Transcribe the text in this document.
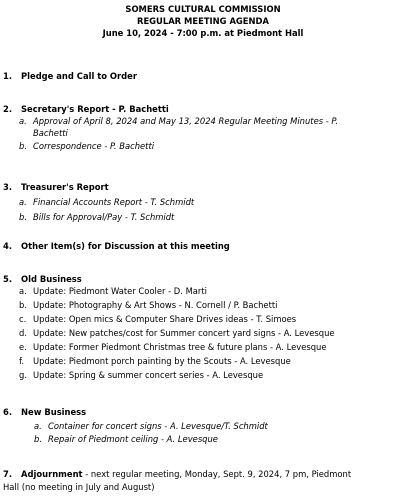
SOMERS CULTURAL COMMISSION
REGULAR MEETING AGENDA
June 10, 2024 - 7:00 p.m. at Piedmont Hall
1. Pledge and Call to Order
2. Secretary's Report - P. Bachetti
a. Approval of April 8, 2024 and May 13, 2024 Regular Meeting Minutes - P.
Bachetti
b. Correspondence - P. Bachetti
3. Treasurer's Report
a. Financial Accounts Report - T. Schmidt
b. Bills for Approval/Pay - T. Schmidt
4. Other Item(s) for Discussion at this meeting
5. Old Business
a. Update: Piedmont Water Cooler - D. Marti
b. Update: Photography & Art Shows - N. Cornell / P. Bachetti
c. Update: Open mics & Computer Share Drives ideas - T. Simoes
d. Update: New patches/cost for Summer concert yard signs - A. Levesque
e. Update: Former Piedmont Christmas tree & future plans - A. Levesque
f. Update: Piedmont porch painting by the Scouts - A. Levesque
g. Update: Spring & summer concert series - A. Levesque
6. New Business
a. Container for concert signs - A. Levesque/T. Schmidt
b. Repair of Piedmont ceiling - A. Levesque
7. Adjournment - next regular meeting, Monday, Sept. 9, 2024, 7 pm, Piedmont
Hall (no meeting in July and August)
